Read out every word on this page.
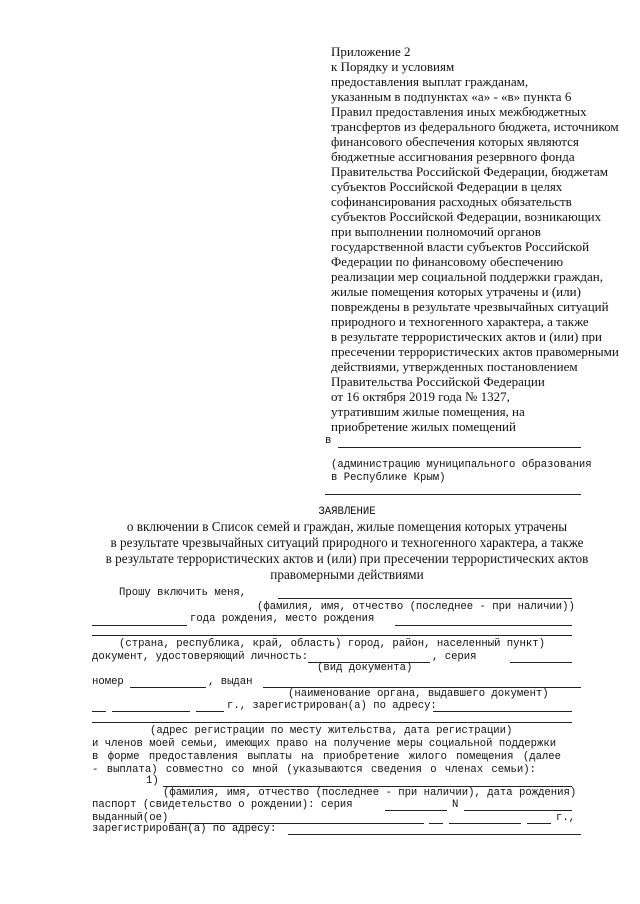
Приложение 2
к Порядку и условиям
предоставления выплат гражданам,
указанным в подпунктах «а» - «в» пункта 6
Правил предоставления иных межбюджетных
трансфертов из федерального бюджета, источником
финансового обеспечения которых являются
бюджетные ассигнования резервного фонда
Правительства Российской Федерации, бюджетам
субъектов Российской Федерации в целях
софинансирования расходных обязательств
субъектов Российской Федерации, возникающих
при выполнении полномочий органов
государственной власти субъектов Российской
Федерации по финансовому обеспечению
реализации мер социальной поддержки граждан,
жилые помещения которых утрачены и (или)
повреждены в результате чрезвычайных ситуаций
природного и техногенного характера, а также
в результате террористических актов и (или) при
пресечении террористических актов правомерными
действиями, утвержденных постановлением
Правительства Российской Федерации
от 16 октября 2019 года № 1327,
утратившим жилые помещения, на
приобретение жилых помещений
в
(администрацию муниципального образования
в Республике Крым)
ЗАЯВЛЕНИЕ
о включении в Список семей и граждан, жилые помещения которых утрачены
в результате чрезвычайных ситуаций природного и техногенного характера, а также
в результате террористических актов и (или) при пресечении террористических актов
правомерными действиями
Прошу включить меня,
(фамилия, имя, отчество (последнее - при наличии))
года рождения, место рождения
(страна, республика, край, область) город, район, населенный пункт)
документ, удостоверяющий личность:	, серия
(вид документа)
номер	, выдан
(наименование органа, выдавшего документ)
г., зарегистрирован(а) по адресу:
(адрес регистрации по месту жительства, дата регистрации)
и членов моей семьи, имеющих право на получение меры социальной поддержки
в форме предоставления выплаты на приобретение жилого помещения (далее
- выплата) совместно со мной (указываются сведения о членах семьи):
1)
(фамилия, имя, отчество (последнее - при наличии), дата рождения)
паспорт (свидетельство о рождении): серия	N
выданный(ое)	г.,
зарегистрирован(а) по адресу:
